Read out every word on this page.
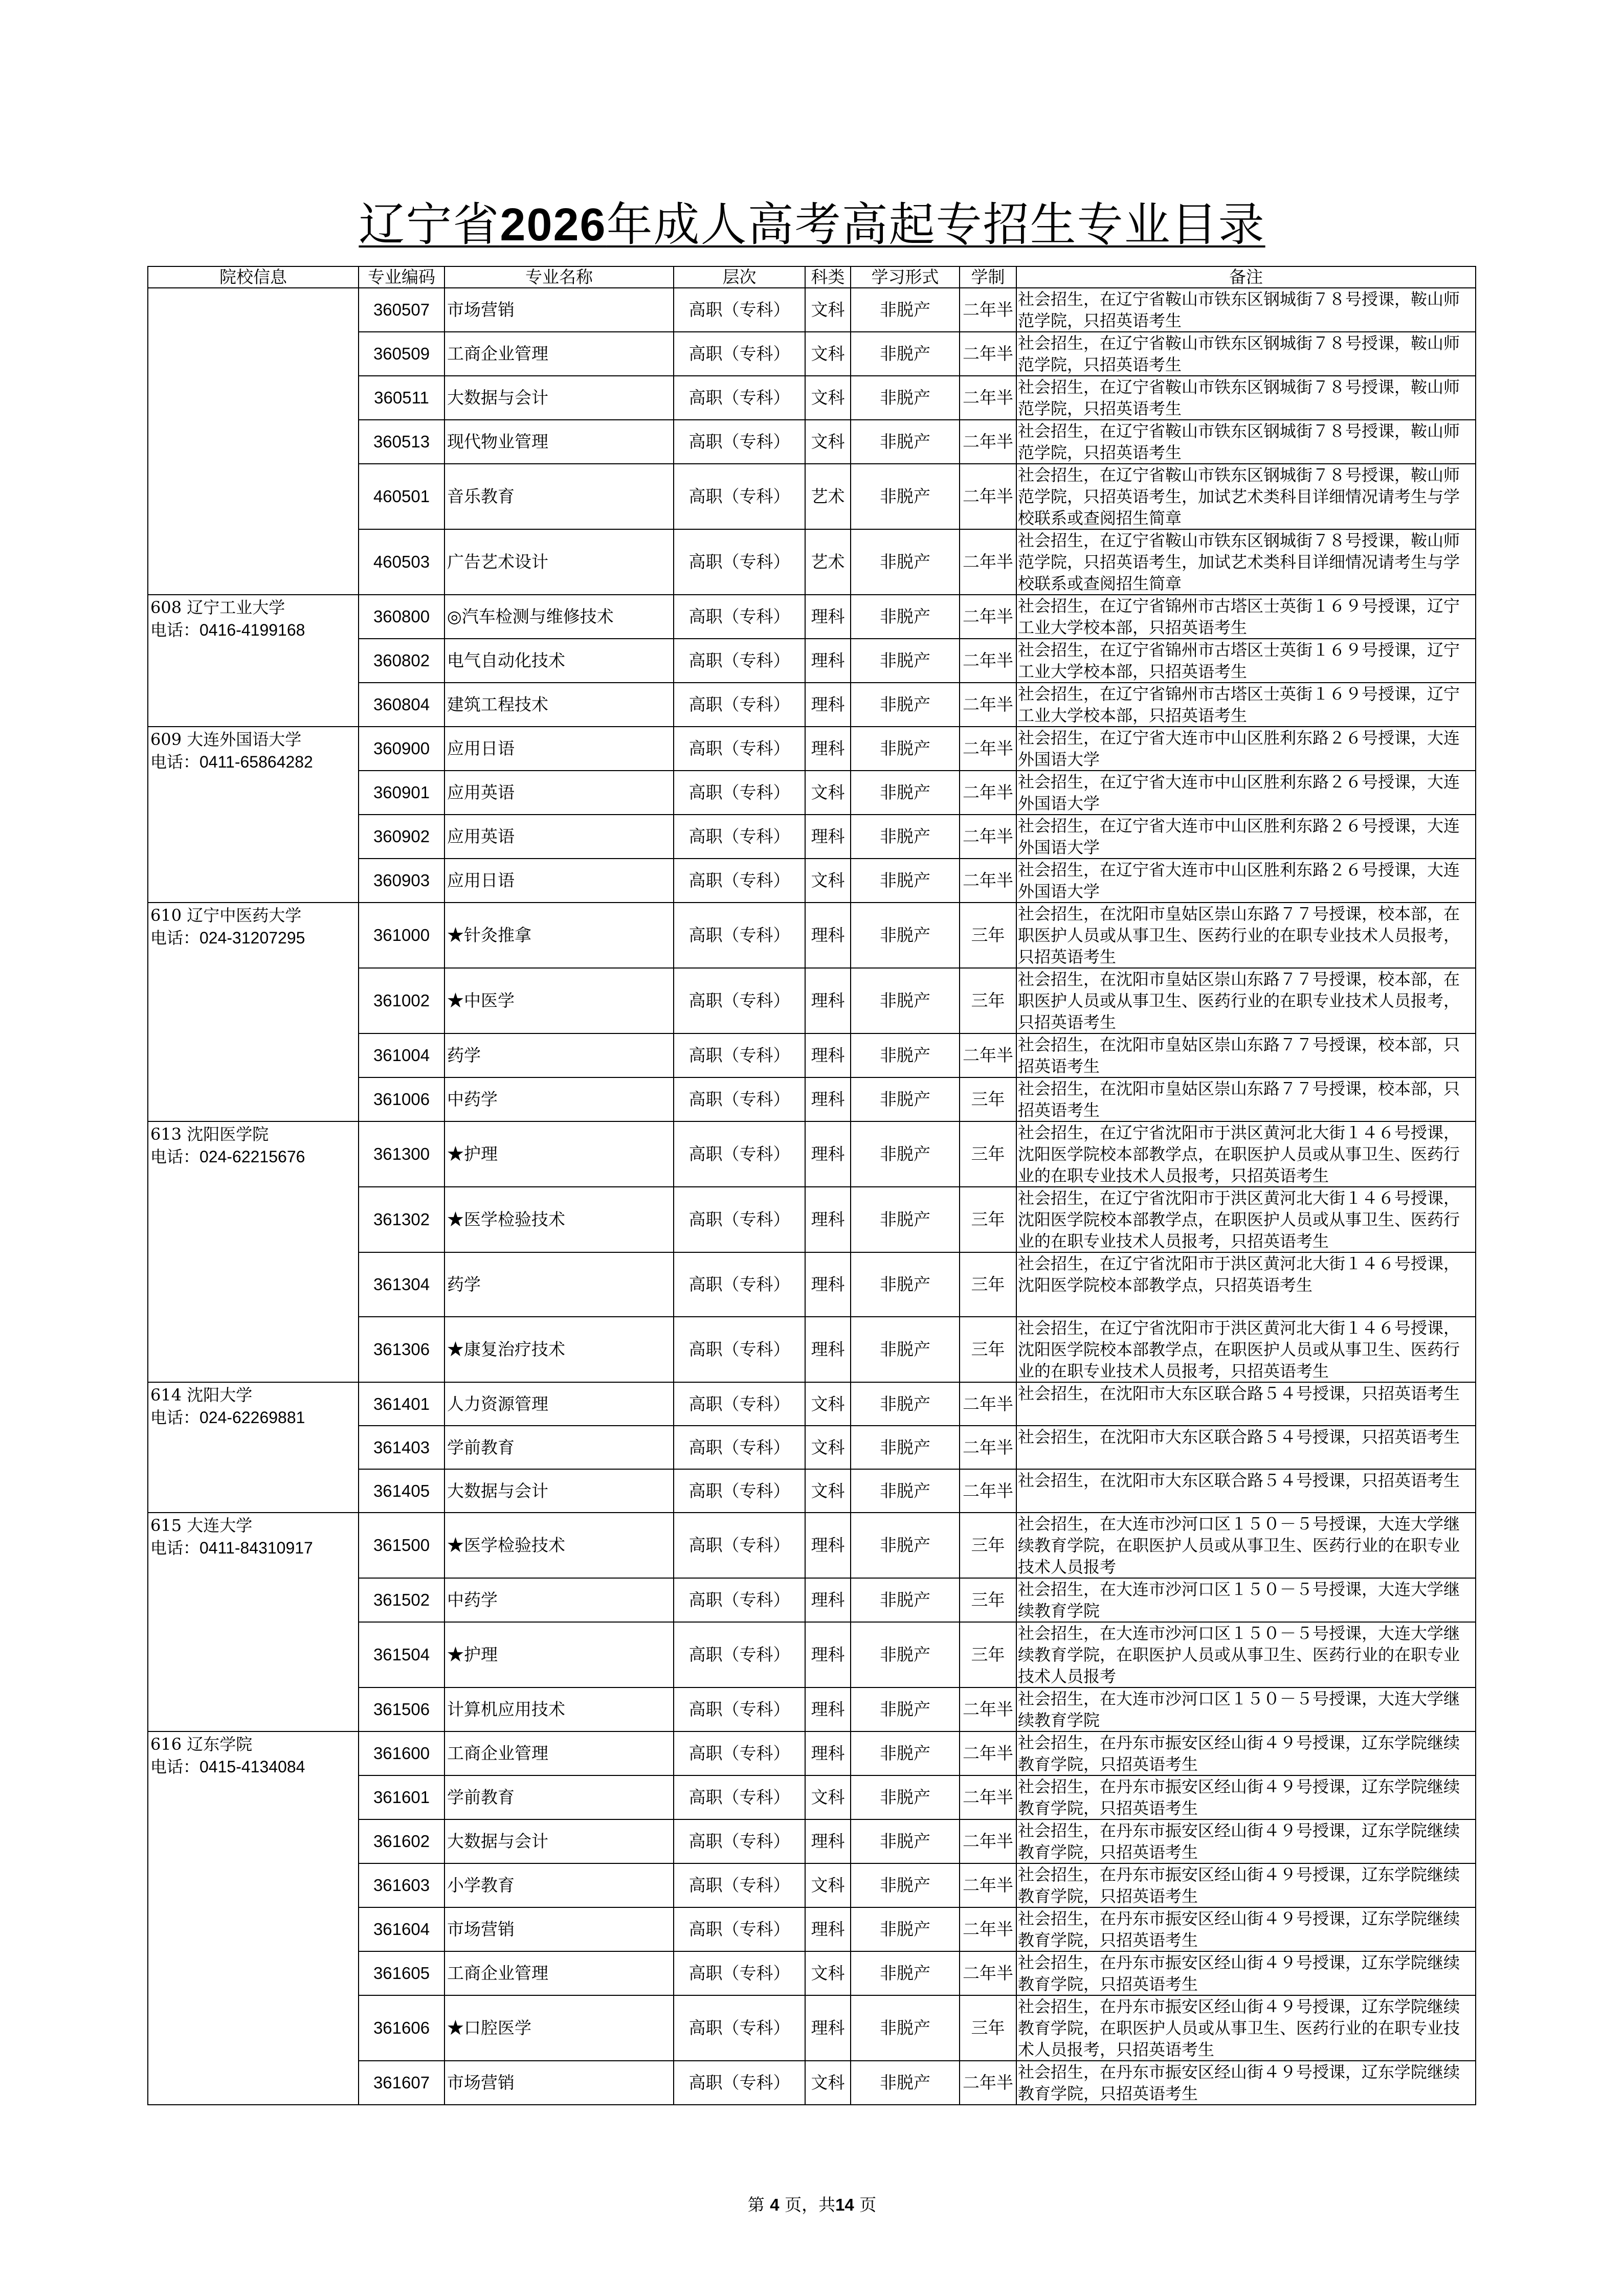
辽宁省2026年成人高考高起专招生专业目录
院校信息	专业编码	专业名称	层次	科类	学习形式	学制	备注

	360507	市场营销	高职（专科）	文科	非脱产	二年半	社会招生，在辽宁省鞍山市铁东区钢城街７８号授课，鞍山师范学院，只招英语考生
	360509	工商企业管理	高职（专科）	文科	非脱产	二年半	社会招生，在辽宁省鞍山市铁东区钢城街７８号授课，鞍山师范学院，只招英语考生
	360511	大数据与会计	高职（专科）	文科	非脱产	二年半	社会招生，在辽宁省鞍山市铁东区钢城街７８号授课，鞍山师范学院，只招英语考生
	360513	现代物业管理	高职（专科）	文科	非脱产	二年半	社会招生，在辽宁省鞍山市铁东区钢城街７８号授课，鞍山师范学院，只招英语考生
	460501	音乐教育	高职（专科）	艺术	非脱产	二年半	社会招生，在辽宁省鞍山市铁东区钢城街７８号授课，鞍山师范学院，只招英语考生，加试艺术类科目详细情况请考生与学校联系或查阅招生简章
	460503	广告艺术设计	高职（专科）	艺术	非脱产	二年半	社会招生，在辽宁省鞍山市铁东区钢城街７８号授课，鞍山师范学院，只招英语考生，加试艺术类科目详细情况请考生与学校联系或查阅招生简章

608 辽宁工业大学
电话：0416-4199168	360800	◎汽车检测与维修技术	高职（专科）	理科	非脱产	二年半	社会招生，在辽宁省锦州市古塔区士英街１６９号授课，辽宁工业大学校本部，只招英语考生
	360802	电气自动化技术	高职（专科）	理科	非脱产	二年半	社会招生，在辽宁省锦州市古塔区士英街１６９号授课，辽宁工业大学校本部，只招英语考生
	360804	建筑工程技术	高职（专科）	理科	非脱产	二年半	社会招生，在辽宁省锦州市古塔区士英街１６９号授课，辽宁工业大学校本部，只招英语考生

609 大连外国语大学
电话：0411-65864282	360900	应用日语	高职（专科）	理科	非脱产	二年半	社会招生，在辽宁省大连市中山区胜利东路２６号授课，大连外国语大学
	360901	应用英语	高职（专科）	文科	非脱产	二年半	社会招生，在辽宁省大连市中山区胜利东路２６号授课，大连外国语大学
	360902	应用英语	高职（专科）	理科	非脱产	二年半	社会招生，在辽宁省大连市中山区胜利东路２６号授课，大连外国语大学
	360903	应用日语	高职（专科）	文科	非脱产	二年半	社会招生，在辽宁省大连市中山区胜利东路２６号授课，大连外国语大学

610 辽宁中医药大学
电话：024-31207295	361000	★针灸推拿	高职（专科）	理科	非脱产	三年	社会招生，在沈阳市皇姑区崇山东路７７号授课，校本部，在职医护人员或从事卫生、医药行业的在职专业技术人员报考，只招英语考生
	361002	★中医学	高职（专科）	理科	非脱产	三年	社会招生，在沈阳市皇姑区崇山东路７７号授课，校本部，在职医护人员或从事卫生、医药行业的在职专业技术人员报考，只招英语考生
	361004	药学	高职（专科）	理科	非脱产	二年半	社会招生，在沈阳市皇姑区崇山东路７７号授课，校本部，只招英语考生
	361006	中药学	高职（专科）	理科	非脱产	三年	社会招生，在沈阳市皇姑区崇山东路７７号授课，校本部，只招英语考生

613 沈阳医学院
电话：024-62215676	361300	★护理	高职（专科）	理科	非脱产	三年	社会招生，在辽宁省沈阳市于洪区黄河北大街１４６号授课，沈阳医学院校本部教学点，在职医护人员或从事卫生、医药行业的在职专业技术人员报考，只招英语考生
	361302	★医学检验技术	高职（专科）	理科	非脱产	三年	社会招生，在辽宁省沈阳市于洪区黄河北大街１４６号授课，沈阳医学院校本部教学点，在职医护人员或从事卫生、医药行业的在职专业技术人员报考，只招英语考生
	361304	药学	高职（专科）	理科	非脱产	三年	社会招生，在辽宁省沈阳市于洪区黄河北大街１４６号授课，沈阳医学院校本部教学点，只招英语考生
	361306	★康复治疗技术	高职（专科）	理科	非脱产	三年	社会招生，在辽宁省沈阳市于洪区黄河北大街１４６号授课，沈阳医学院校本部教学点，在职医护人员或从事卫生、医药行业的在职专业技术人员报考，只招英语考生

614 沈阳大学
电话：024-62269881	361401	人力资源管理	高职（专科）	文科	非脱产	二年半	社会招生，在沈阳市大东区联合路５４号授课，只招英语考生
	361403	学前教育	高职（专科）	文科	非脱产	二年半	社会招生，在沈阳市大东区联合路５４号授课，只招英语考生
	361405	大数据与会计	高职（专科）	文科	非脱产	二年半	社会招生，在沈阳市大东区联合路５４号授课，只招英语考生

615 大连大学
电话：0411-84310917	361500	★医学检验技术	高职（专科）	理科	非脱产	三年	社会招生，在大连市沙河口区１５０－５号授课，大连大学继续教育学院，在职医护人员或从事卫生、医药行业的在职专业技术人员报考
	361502	中药学	高职（专科）	理科	非脱产	三年	社会招生，在大连市沙河口区１５０－５号授课，大连大学继续教育学院
	361504	★护理	高职（专科）	理科	非脱产	三年	社会招生，在大连市沙河口区１５０－５号授课，大连大学继续教育学院，在职医护人员或从事卫生、医药行业的在职专业技术人员报考
	361506	计算机应用技术	高职（专科）	理科	非脱产	二年半	社会招生，在大连市沙河口区１５０－５号授课，大连大学继续教育学院

616 辽东学院
电话：0415-4134084	361600	工商企业管理	高职（专科）	理科	非脱产	二年半	社会招生，在丹东市振安区经山街４９号授课，辽东学院继续教育学院，只招英语考生
	361601	学前教育	高职（专科）	文科	非脱产	二年半	社会招生，在丹东市振安区经山街４９号授课，辽东学院继续教育学院，只招英语考生
	361602	大数据与会计	高职（专科）	理科	非脱产	二年半	社会招生，在丹东市振安区经山街４９号授课，辽东学院继续教育学院，只招英语考生
	361603	小学教育	高职（专科）	文科	非脱产	二年半	社会招生，在丹东市振安区经山街４９号授课，辽东学院继续教育学院，只招英语考生
	361604	市场营销	高职（专科）	理科	非脱产	二年半	社会招生，在丹东市振安区经山街４９号授课，辽东学院继续教育学院，只招英语考生
	361605	工商企业管理	高职（专科）	文科	非脱产	二年半	社会招生，在丹东市振安区经山街４９号授课，辽东学院继续教育学院，只招英语考生
	361606	★口腔医学	高职（专科）	理科	非脱产	三年	社会招生，在丹东市振安区经山街４９号授课，辽东学院继续教育学院，在职医护人员或从事卫生、医药行业的在职专业技术人员报考，只招英语考生
	361607	市场营销	高职（专科）	文科	非脱产	二年半	社会招生，在丹东市振安区经山街４９号授课，辽东学院继续教育学院，只招英语考生
第 4 页，共14 页
